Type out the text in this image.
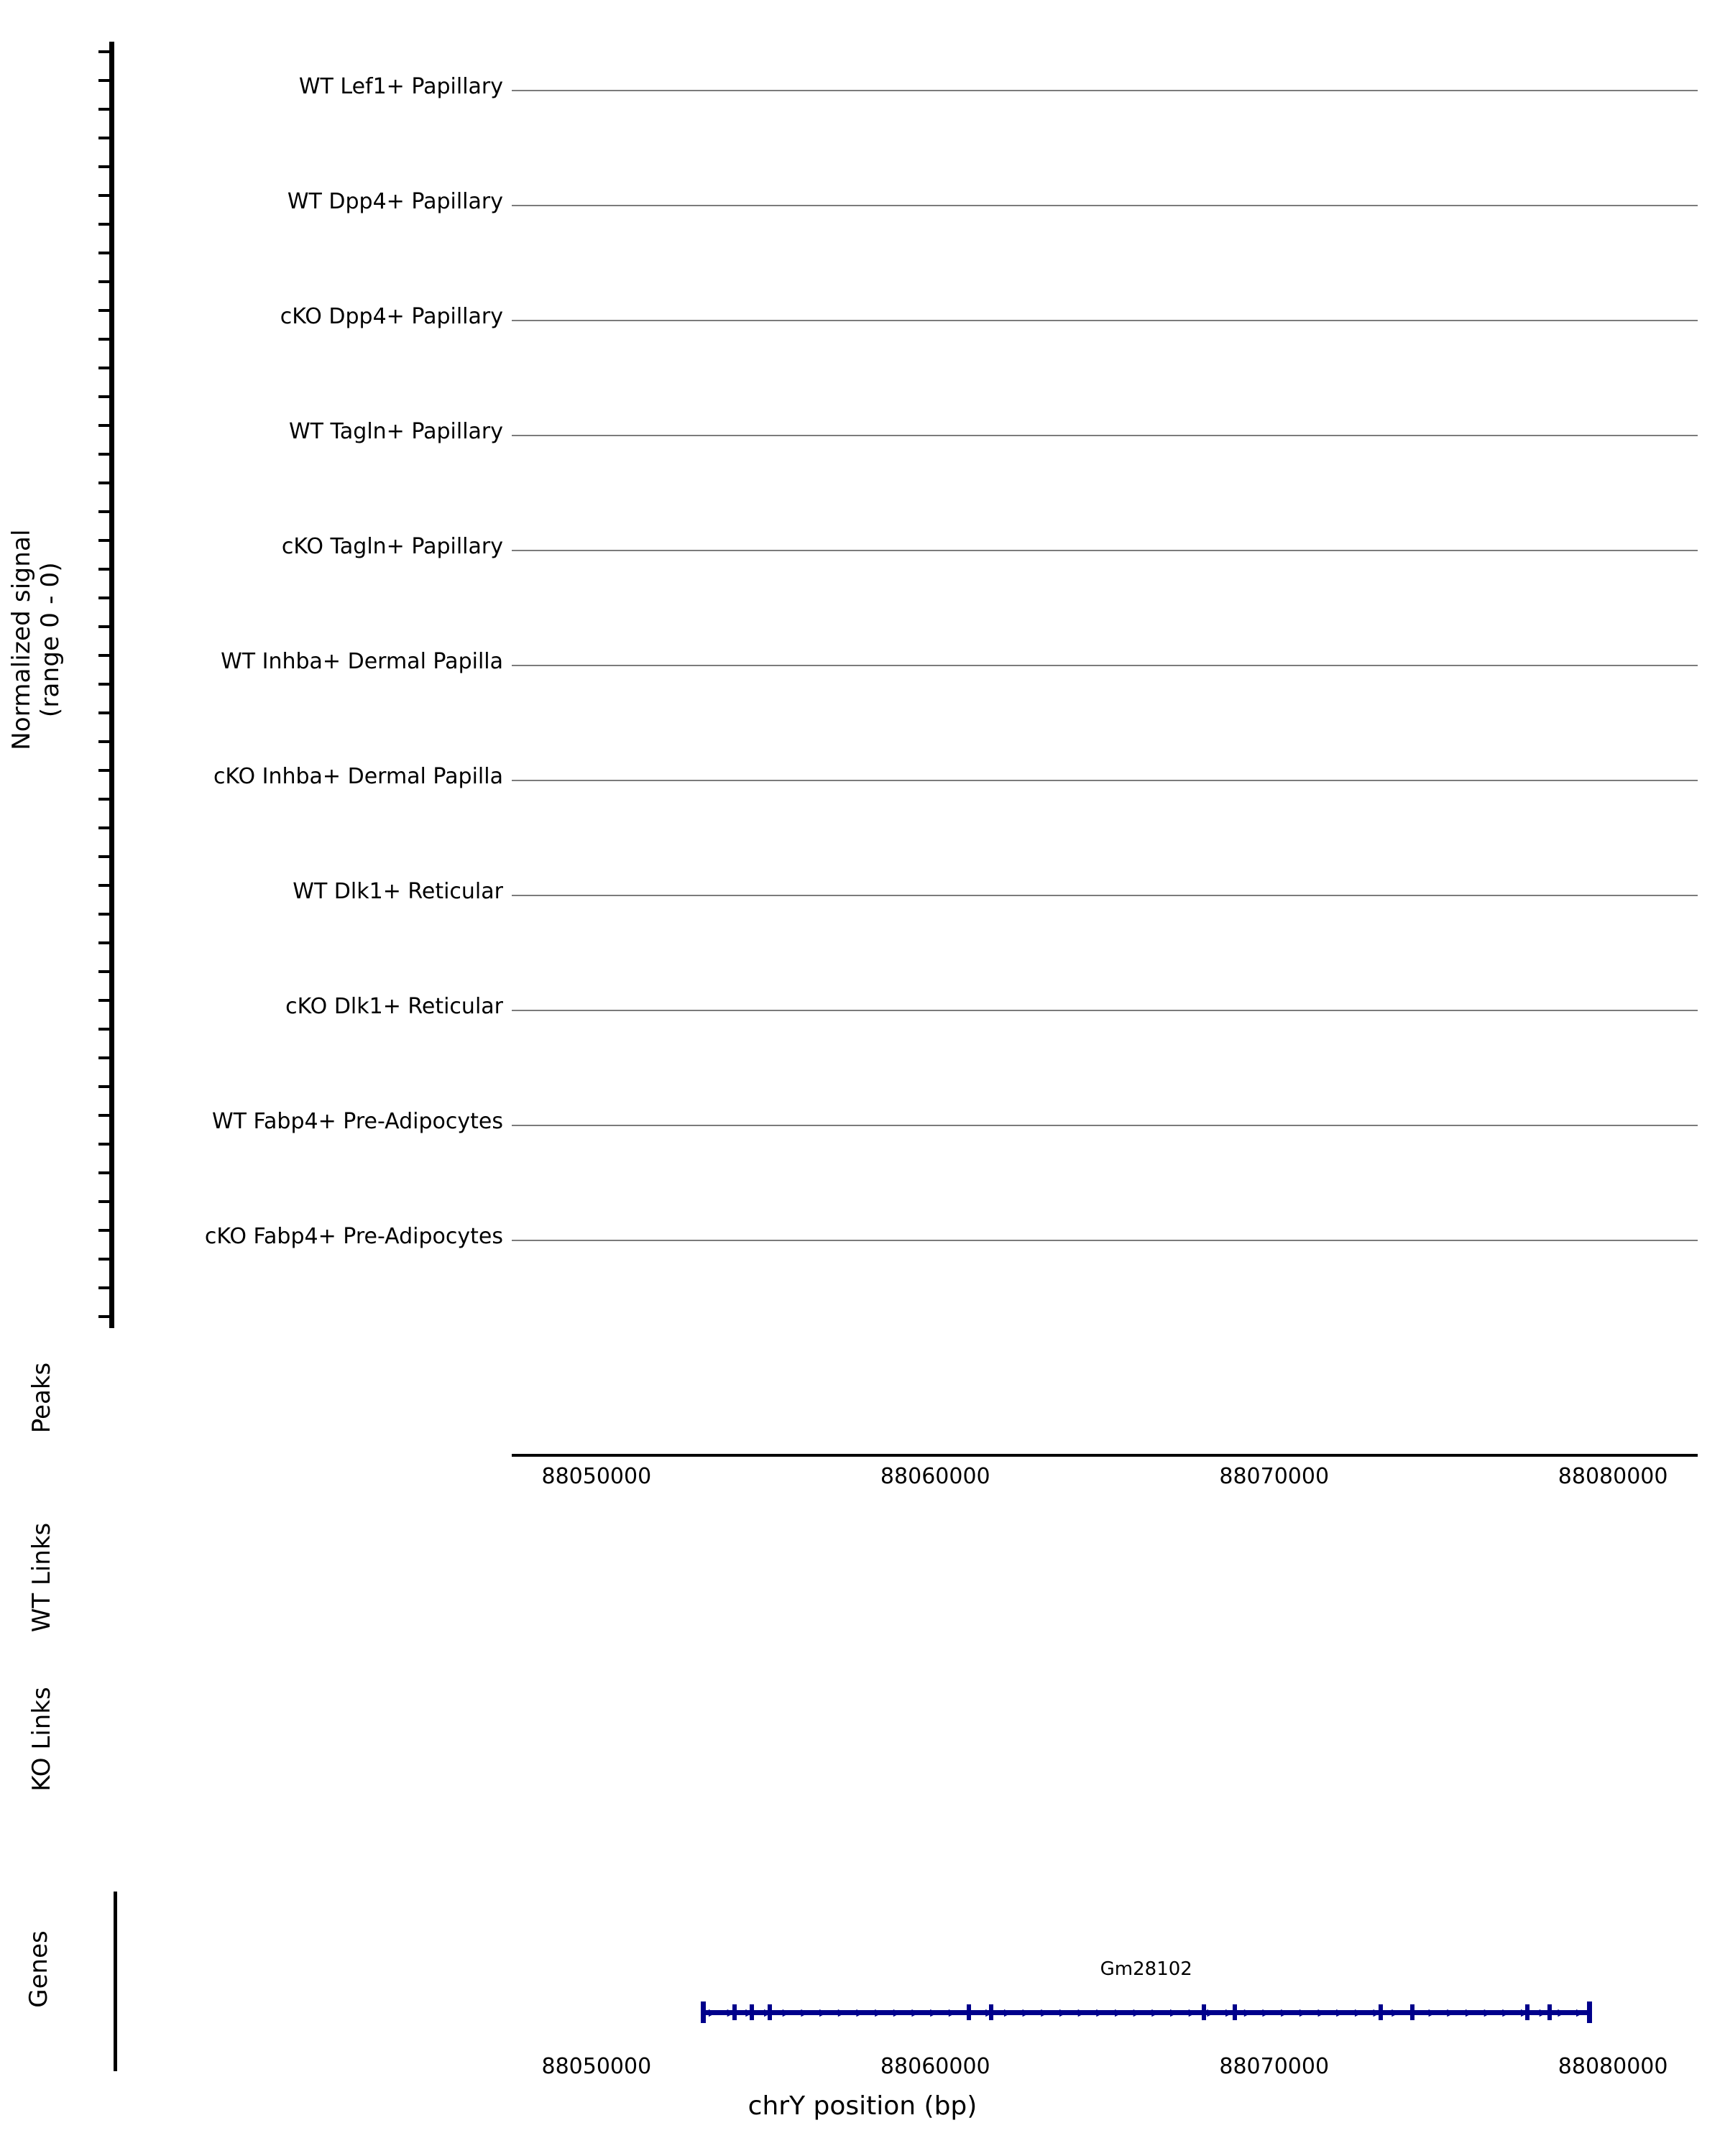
Normalized signal (range 0 - 0)
WT Lef1+ Papillary
WT Dpp4+ Papillary
cKO Dpp4+ Papillary
WT Tagln+ Papillary
cKO Tagln+ Papillary
WT Inhba+ Dermal Papilla
cKO Inhba+ Dermal Papilla
WT Dlk1+ Reticular
cKO Dlk1+ Reticular
WT Fabp4+ Pre-Adipocytes
cKO Fabp4+ Pre-Adipocytes
Peaks
88050000	88060000	88070000	88080000
WT Links
KO Links
Genes
▸ ▸ ▸ ▸ ▸ ▸ ▸ ▸ ▸ ▸ ▸ ▸ ▸ ▸ ▸ ▸ ▸ ▸ ▸ ▸ ▸ ▸ ▸ ▸ ▸ ▸ ▸ ▸ ▸ ▸ ▸ ▸ ▸ ▸ ▸ ▸ ▸ ▸ ▸ ▸ ▸ ▸ ▸ ▸ ▸ ▸ ▸ ▸
Gm28102
88050000	88060000	88070000	88080000
chrY position (bp)
